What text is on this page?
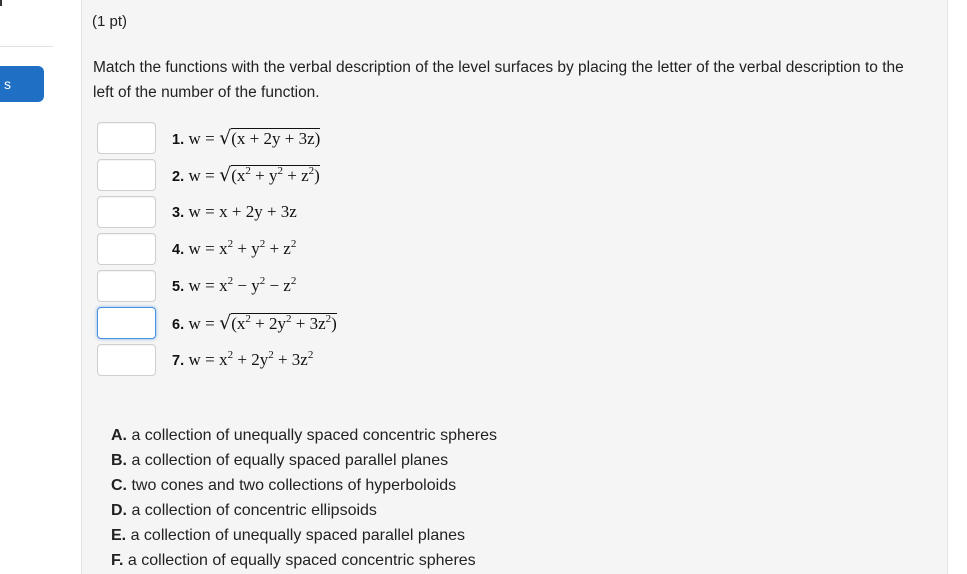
s
(1 pt)
Match the functions with the verbal description of the level surfaces by placing the letter of the verbal description to the left of the number of the function.
1. w = √(x + 2y + 3z)
2. $w = √(x^2 + y^2 + z^2)$
3. w = x + 2y + 3z
4. $w = x^2 + y^2 + z^2$
5. $w = x^2 - y^2 - z^2$
6. $w = √(x^2 + 2y^2 + 3z^2)$
7. $w = x^2 + 2y^2 + 3z^2$
A. a collection of unequally spaced concentric spheres
B. a collection of equally spaced parallel planes
C. two cones and two collections of hyperboloids
D. a collection of concentric ellipsoids
E. a collection of unequally spaced parallel planes
F. a collection of equally spaced concentric spheres
